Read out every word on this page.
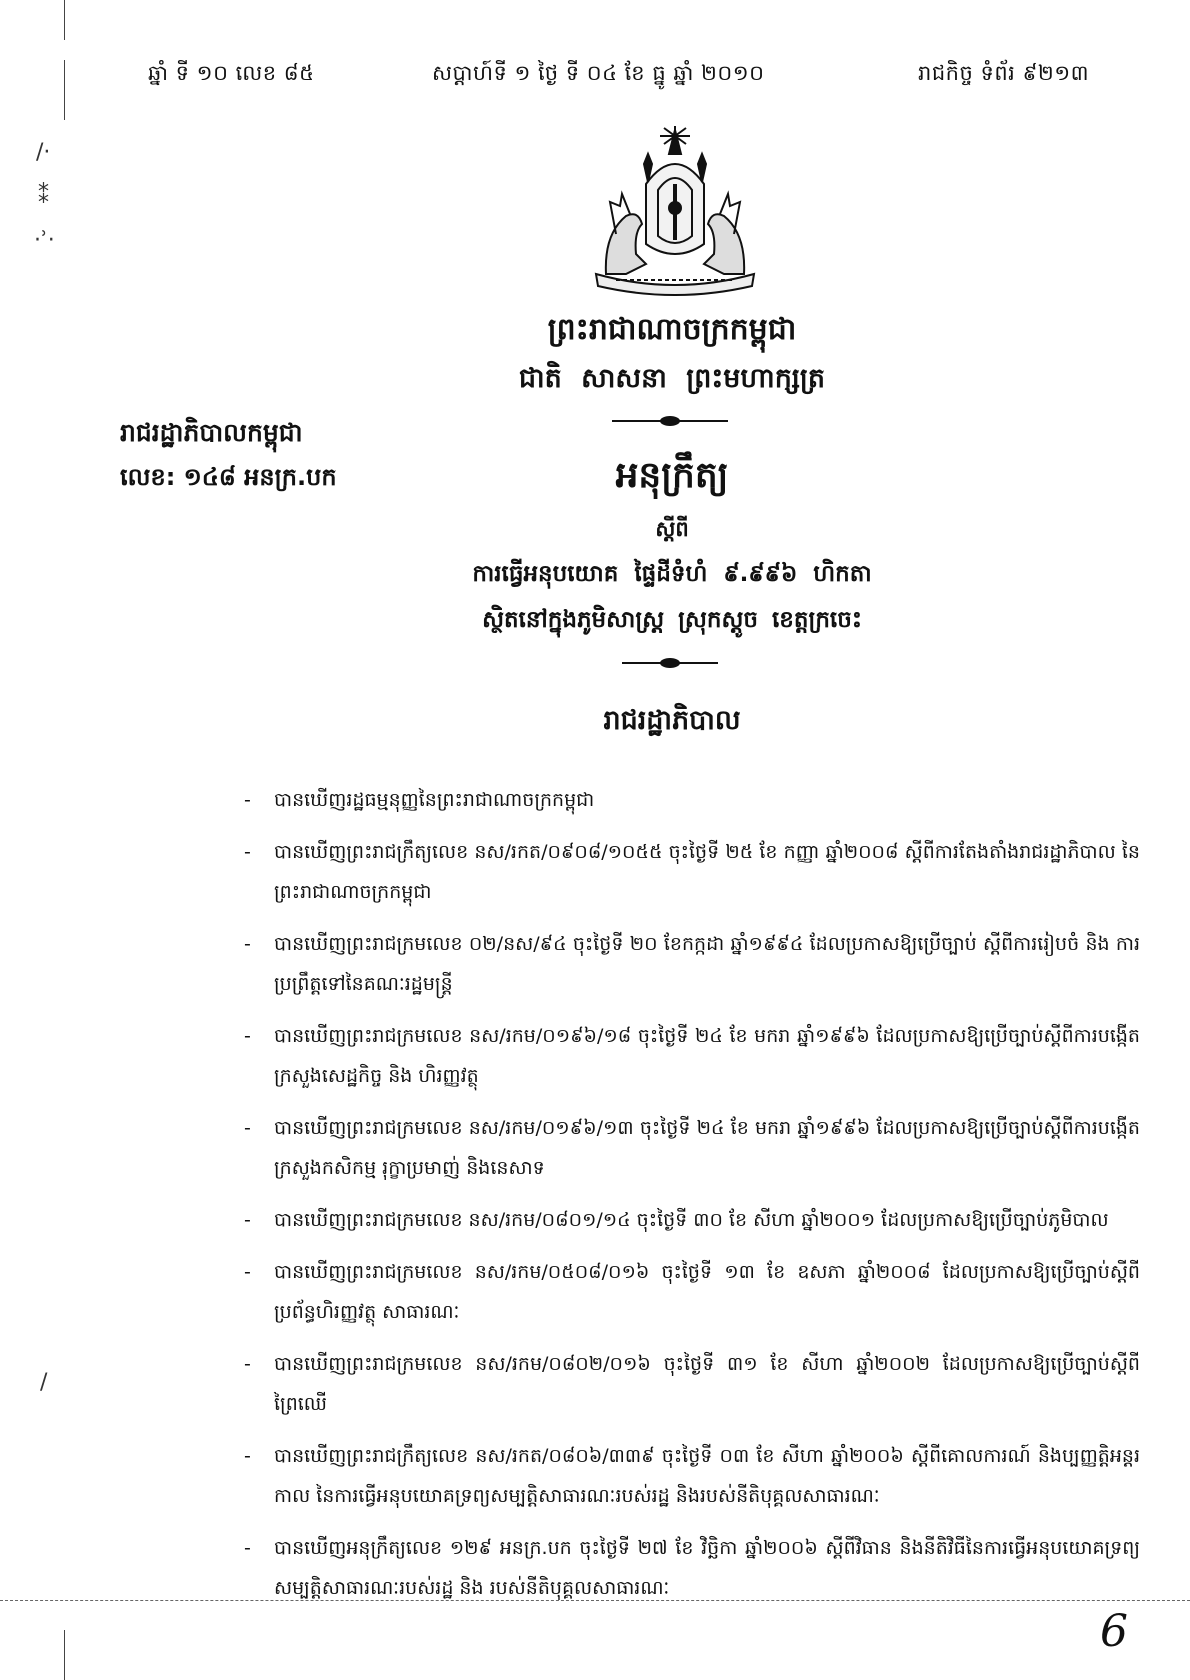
ឆ្នាំ ទី ១០ លេខ ៨៥	សប្តាហ៍ទី ១ ថ្ងៃ ទី ០៤ ខែ ធ្នូ ឆ្នាំ ២០១០	រាជកិច្ច ទំព័រ ៩២១៣
/·
⁑
·ʾ·
/
ព្រះរាជាណាចក្រកម្ពុជា
ជាតិ សាសនា ព្រះមហាក្សត្រ
រាជរដ្ឋាភិបាលកម្ពុជា
លេខ: ១៤៨ អនក្រ.បក	អនុក្រឹត្យ
ស្តីពី
ការធ្វើអនុបយោគ ផ្ទៃដីទំហំ ៩.៩៩៦ ហិកតា
ស្ថិតនៅក្នុងភូមិសាស្ត្រ ស្រុកស្តូច ខេត្តក្រចេះ
រាជរដ្ឋាភិបាល
- បានឃើញរដ្ឋធម្មនុញ្ញនៃព្រះរាជាណាចក្រកម្ពុជា
- បានឃើញព្រះរាជក្រឹត្យលេខ នស/រកត/០៩០៨/១០៥៥ ចុះថ្ងៃទី ២៥ ខែ កញ្ញា ឆ្នាំ២០០៨ ស្តីពីការតែងតាំងរាជរដ្ឋាភិបាល នៃព្រះរាជាណាចក្រកម្ពុជា
- បានឃើញព្រះរាជក្រមលេខ ០២/នស/៩៤ ចុះថ្ងៃទី ២០ ខែកក្កដា ឆ្នាំ១៩៩៤ ដែលប្រកាសឱ្យប្រើច្បាប់ ស្តីពីការរៀបចំ និង ការប្រព្រឹត្តទៅនៃគណៈរដ្ឋមន្ត្រី
- បានឃើញព្រះរាជក្រមលេខ នស/រកម/០១៩៦/១៨ ចុះថ្ងៃទី ២៤ ខែ មករា ឆ្នាំ១៩៩៦ ដែលប្រកាសឱ្យប្រើច្បាប់ស្តីពីការបង្កើតក្រសួងសេដ្ឋកិច្ច និង ហិរញ្ញវត្ថុ
- បានឃើញព្រះរាជក្រមលេខ នស/រកម/០១៩៦/១៣ ចុះថ្ងៃទី ២៤ ខែ មករា ឆ្នាំ១៩៩៦ ដែលប្រកាសឱ្យប្រើច្បាប់ស្តីពីការបង្កើតក្រសួងកសិកម្ម រុក្ខាប្រមាញ់ និងនេសាទ
- បានឃើញព្រះរាជក្រមលេខ នស/រកម/០៨០១/១៤ ចុះថ្ងៃទី ៣០ ខែ សីហា ឆ្នាំ២០០១ ដែលប្រកាសឱ្យប្រើច្បាប់ភូមិបាល
- បានឃើញព្រះរាជក្រមលេខ នស/រកម/០៥០៨/០១៦ ចុះថ្ងៃទី ១៣ ខែ ឧសភា ឆ្នាំ២០០៨ ដែលប្រកាសឱ្យប្រើច្បាប់ស្តីពីប្រព័ន្ធហិរញ្ញវត្ថុ សាធារណៈ
- បានឃើញព្រះរាជក្រមលេខ នស/រកម/០៨០២/០១៦ ចុះថ្ងៃទី ៣១ ខែ សីហា ឆ្នាំ២០០២ ដែលប្រកាសឱ្យប្រើច្បាប់ស្តីពីព្រៃឈើ
- បានឃើញព្រះរាជក្រឹត្យលេខ នស/រកត/០៨០៦/៣៣៩ ចុះថ្ងៃទី ០៣ ខែ សីហា ឆ្នាំ២០០៦ ស្តីពីគោលការណ៍ និងប្បញ្ញត្តិអន្តរកាល នៃការធ្វើអនុបយោគទ្រព្យសម្បត្តិសាធារណៈរបស់រដ្ឋ និងរបស់នីតិបុគ្គលសាធារណៈ
- បានឃើញអនុក្រឹត្យលេខ ១២៩ អនក្រ.បក ចុះថ្ងៃទី ២៧ ខែ វិច្ឆិកា ឆ្នាំ២០០៦ ស្តីពីវិធាន និងនីតិវិធីនៃការធ្វើអនុបយោគទ្រព្យសម្បត្តិសាធារណៈរបស់រដ្ឋ និង របស់នីតិបុគ្គលសាធារណៈ
6
